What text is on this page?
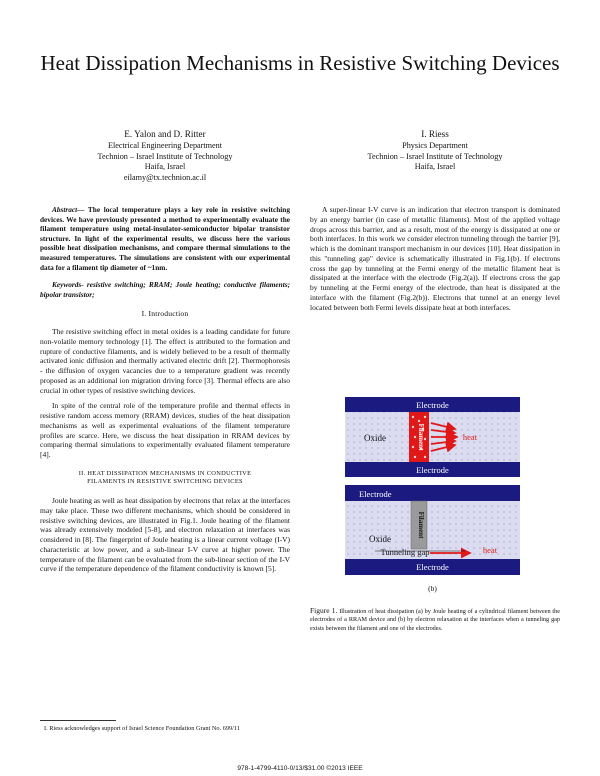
Heat Dissipation Mechanisms in Resistive Switching Devices
E. Yalon and D. Ritter
Electrical Engineering Department
Technion – Israel Institute of Technology
Haifa, Israel
eilamy@tx.technion.ac.il
I. Riess
Physics Department
Technion – Israel Institute of Technology
Haifa, Israel
Abstract— The local temperature plays a key role in resistive switching devices. We have previously presented a method to experimentally evaluate the filament temperature using metal-insulator-semiconductor bipolar transistor structure. In light of the experimental results, we discuss here the various possible heat dissipation mechanisms, and compare thermal simulations to the measured temperatures. The simulations are consistent with our experimental data for a filament tip diameter of ~1nm.
Keywords- resistive switching; RRAM; Joule heating; conductive filaments; bipolar transistor;
I. Introduction

The resistive switching effect in metal oxides is a leading candidate for future non-volatile memory technology [1]. The effect is attributed to the formation and rupture of conductive filaments, and is widely believed to be a result of thermally activated ionic diffusion and thermally activated electric drift [2]. Thermophoresis - the diffusion of oxygen vacancies due to a temperature gradient was recently proposed as an additional ion migration driving force [3]. Thermal effects are also crucial in other types of resistive switching devices.

In spite of the central role of the temperature profile and thermal effects in resistive random access memory (RRAM) devices, studies of the heat dissipation mechanisms as well as experimental evaluations of the filament temperature profiles are scarce. Here, we discuss the heat dissipation in RRAM devices by comparing thermal simulations to experimentally evaluated filament temperature [4].

II. HEAT DISSIPATION MECHANISMS IN CONDUCTIVE
FILAMENTS IN RESISTIVE SWITCHING DEVICES

Joule heating as well as heat dissipation by electrons that relax at the interfaces may take place. These two different mechanisms, which should be considered in resistive switching devices, are illustrated in Fig.1. Joule heating of the filament was already extensively modeled [5-8], and electron relaxation at interfaces was considered in [8]. The fingerprint of Joule heating is a linear current voltage (I-V) characteristic at low power, and a sub-linear I-V curve at higher power. The temperature of the filament can be evaluated from the sub-linear section of the I-V curve if the temperature dependence of the filament conductivity is known [5].

A super-linear I-V curve is an indication that electron transport is dominated by an energy barrier (in case of metallic filaments). Most of the applied voltage drops across this barrier, and as a result, most of the energy is dissipated at one or both interfaces. In this work we consider electron tunneling through the barrier [9], which is the dominant transport mechanism in our devices [10]. Heat dissipation in this "tunneling gap" device is schematically illustrated in Fig.1(b). If electrons cross the gap by tunneling at the Fermi energy of the metallic filament heat is dissipated at the interface with the electrode (Fig.2(a)). If electrons cross the gap by tunneling at the Fermi energy of the electrode, than heat is dissipated at the interface with the filament (Fig.2(b)). Electrons that tunnel at an energy level located between both Fermi levels dissipate heat at both interfaces.

Filament
Electrode
Electrode
Oxide	heat
Filament
Electrode
Electrode
Oxide
Tunneling gap	heat
(b)
Figure 1. Illustration of heat dissipation (a) by Joule heating of a cylindrical filament between the electrodes of a RRAM device and (b) by electron relaxation at the interfaces when a tunneling gap exists between the filament and one of the electrodes.
I. Riess acknowledges support of Israel Science Foundation Grant No. 699/11
978-1-4799-4110-0/13/$31.00 ©2013 IEEE
